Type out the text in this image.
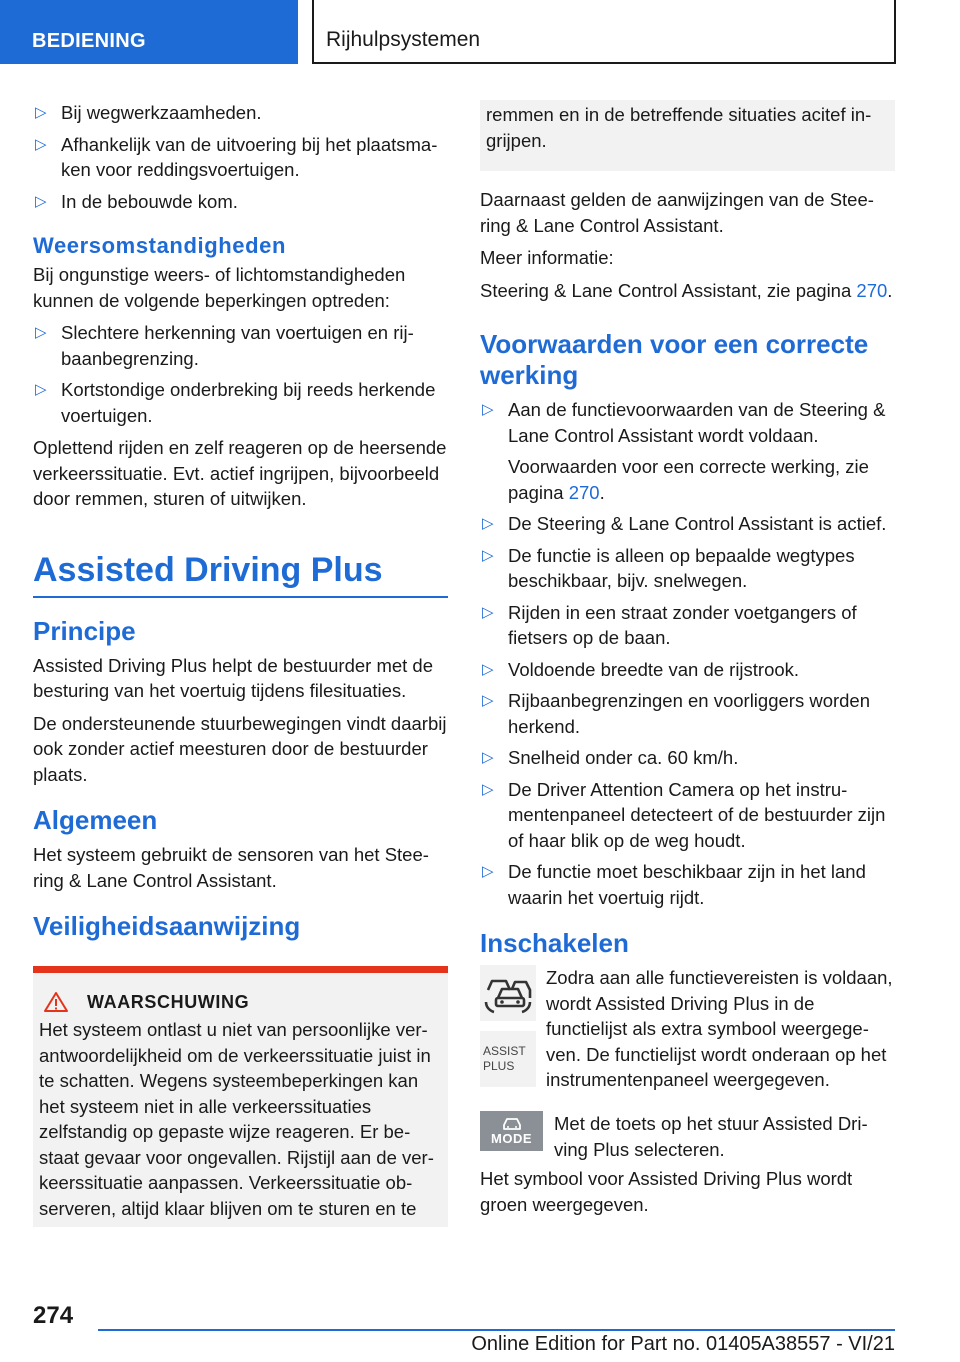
BEDIENING	Rijhulpsystemen
▷ Bij wegwerkzaamheden.
▷ Afhankelijk van de uitvoering bij het plaatsmaken voor reddingsvoertuigen.
▷ In de bebouwde kom.
Weersomstandigheden

Bij ongunstige weers- of lichtomstandigheden kunnen de volgende beperkingen optreden:

▷ Slechtere herkenning van voertuigen en rijbaanbegrenzing.
▷ Kortstondige onderbreking bij reeds herkende voertuigen.

Oplettend rijden en zelf reageren op de heersende verkeerssituatie. Evt. actief ingrijpen, bijvoorbeeld door remmen, sturen of uitwijken.

Assisted Driving Plus
Principe

Assisted Driving Plus helpt de bestuurder met de besturing van het voertuig tijdens filesituaties.

De ondersteunende stuurbewegingen vindt daarbij ook zonder actief meesturen door de bestuurder plaats.

Algemeen

Het systeem gebruikt de sensoren van het Steering & Lane Control Assistant.

Veiligheidsaanwijzing
WAARSCHUWING

Het systeem ontlast u niet van persoonlijke verantwoordelijkheid om de verkeerssituatie juist in te schatten. Wegens systeembeperkingen kan het systeem niet in alle verkeerssituaties zelfstandig op gepaste wijze reageren. Er bestaat gevaar voor ongevallen. Rijstijl aan de verkeerssituatie aanpassen. Verkeerssituatie observeren, altijd klaar blijven om te sturen en te

remmen en in de betreffende situaties acitef ingrijpen.

Daarnaast gelden de aanwijzingen van de Steering & Lane Control Assistant.

Meer informatie:

Steering & Lane Control Assistant, zie pagina 270.

Voorwaarden voor een correcte werking
▷ Aan de functievoorwaarden van de Steering & Lane Control Assistant wordt voldaan.
Voorwaarden voor een correcte werking, zie pagina 270.
▷ De Steering & Lane Control Assistant is actief.
▷ De functie is alleen op bepaalde wegtypes beschikbaar, bijv. snelwegen.
▷ Rijden in een straat zonder voetgangers of fietsers op de baan.
▷ Voldoende breedte van de rijstrook.
▷ Rijbaanbegrenzingen en voorliggers worden herkend.
▷ Snelheid onder ca. 60 km/h.
▷ De Driver Attention Camera op het instrumentenpaneel detecteert of de bestuurder zijn of haar blik op de weg houdt.
▷ De functie moet beschikbaar zijn in het land waarin het voertuig rijdt.
Inschakelen
ASSIST PLUS
Zodra aan alle functievereisten is voldaan, wordt Assisted Driving Plus in de functielijst als extra symbool weergegeven. De functielijst wordt onderaan op het instrumentenpaneel weergegeven.
MODE
Met de toets op het stuur Assisted Driving Plus selecteren.

Het symbool voor Assisted Driving Plus wordt groen weergegeven.

274
Online Edition for Part no. 01405A38557 - VI/21
